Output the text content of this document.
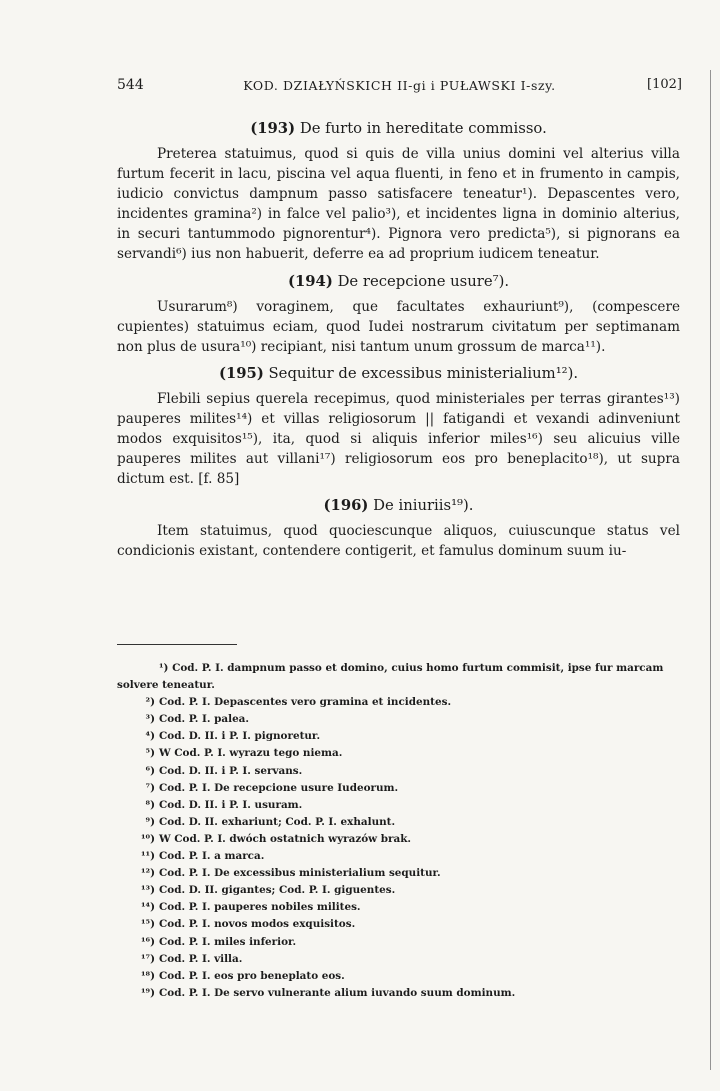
544	KOD. DZIAŁYŃSKICH II-gi i PUŁAWSKI I-szy.	[102]
(193) De furto in hereditate commisso.

Preterea statuimus, quod si quis de villa unius domini vel alterius villa furtum fecerit in lacu, piscina vel aqua fluenti, in feno et in frumento in campis, iudicio convictus dampnum passo satisfacere teneatur¹). Depascentes vero, incidentes gramina²) in falce vel palio³), et incidentes ligna in dominio alterius, in securi tantummodo pignorentur⁴). Pignora vero predicta⁵), si pignorans ea servandi⁶) ius non habuerit, deferre ea ad proprium iudicem teneatur.

(194) De recepcione usure⁷).

Usurarum⁸) voraginem, que facultates exhauriunt⁹), (compescere cupientes) statuimus eciam, quod Iudei nostrarum civitatum per septimanam non plus de usura¹⁰) recipiant, nisi tantum unum grossum de marca¹¹).

(195) Sequitur de excessibus ministerialium¹²).

Flebili sepius querela recepimus, quod ministeriales per terras girantes¹³) pauperes milites¹⁴) et villas religiosorum || fatigandi et vexandi adinveniunt modos exquisitos¹⁵), ita, quod si aliquis inferior miles¹⁶) seu alicuius ville pauperes milites aut villani¹⁷) religiosorum eos pro beneplacito¹⁸), ut supra dictum est. [f. 85]

(196) De iniuriis¹⁹).

Item statuimus, quod quociescunque aliquos, cuiuscunque status vel condicionis existant, contendere contigerit, et famulus dominum suum iu-

¹) Cod. P. I. dampnum passo et domino, cuius homo furtum commisit, ipse fur marcam solvere teneatur.

²) Cod. P. I. Depascentes vero gramina et incidentes.

³) Cod. P. I. palea.

⁴) Cod. D. II. i P. I. pignoretur.

⁵) W Cod. P. I. wyrazu tego niema.

⁶) Cod. D. II. i P. I. servans.

⁷) Cod. P. I. De recepcione usure Iudeorum.

⁸) Cod. D. II. i P. I. usuram.

⁹) Cod. D. II. exhariunt; Cod. P. I. exhalunt.

¹⁰) W Cod. P. I. dwóch ostatnich wyrazów brak.

¹¹) Cod. P. I. a marca.

¹²) Cod. P. I. De excessibus ministerialium sequitur.

¹³) Cod. D. II. gigantes; Cod. P. I. giguentes.

¹⁴) Cod. P. I. pauperes nobiles milites.

¹⁵) Cod. P. I. novos modos exquisitos.

¹⁶) Cod. P. I. miles inferior.

¹⁷) Cod. P. I. villa.

¹⁸) Cod. P. I. eos pro beneplato eos.

¹⁹) Cod. P. I. De servo vulnerante alium iuvando suum dominum.
